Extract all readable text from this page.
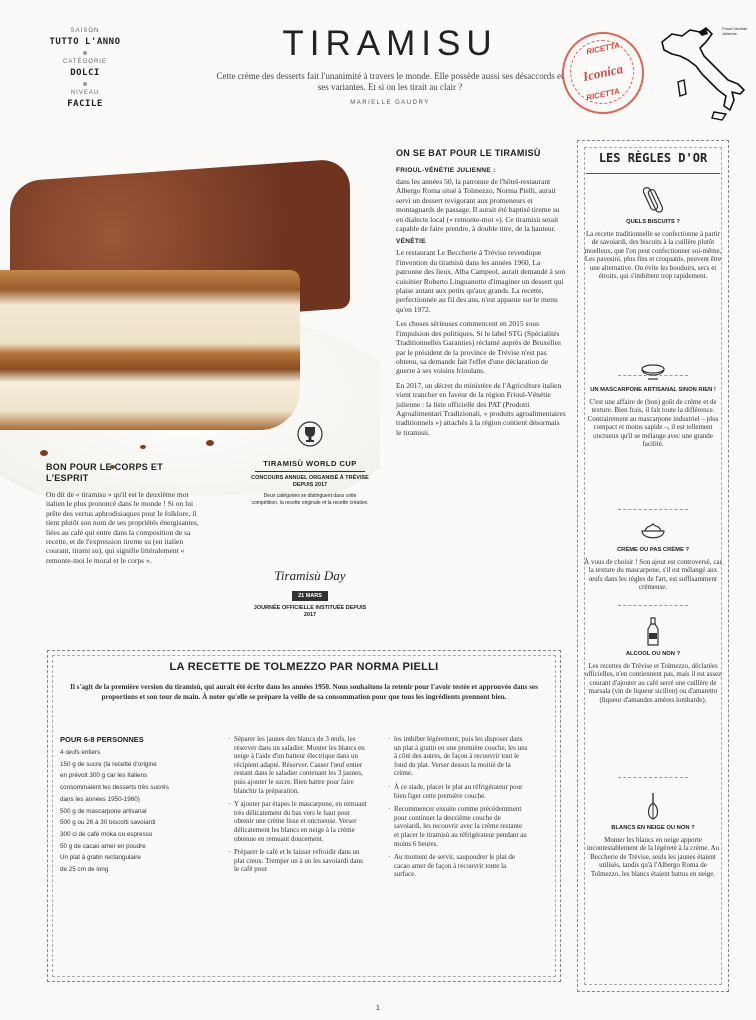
SAISON
TUTTO L'ANNO
CATÉGORIE
DOLCI
NIVEAU
FACILE
TIRAMISU
Cette crème des desserts fait l'unanimité à travers le monde. Elle possède aussi ses désaccords et ses variantes. Et si on les tirait au clair ?
MARIELLE GAUDRY
RICETTA
Iconica
RICETTA
Frioul-Vénétie Julienne
BON POUR LE CORPS ET L'ESPRIT
On dit de « tiramisu » qu'il est le deuxième mot italien le plus prononcé dans le monde ! Si on lui prête des vertus aphrodisiaques pour le folklore, il tient plutôt son nom de ses propriétés énergisantes, liées au café qui entre dans la composition de sa recette, et de l'expression tireme su (en italien courant, tirami su), qui signifie littéralement « remonte-moi le moral et le corps ».
TIRAMISÙ WORLD CUP
CONCOURS ANNUEL ORGANISÉ À TRÉVISE DEPUIS 2017
Deux catégories se distinguent dans cette compétition, la recette originale et la recette créative.
Tiramisù Day
21 MARS
JOURNÉE OFFICIELLE INSTITUÉE DEPUIS 2017
ON SE BAT POUR LE TIRAMISÙ
FRIOUL-VÉNÉTIE JULIENNE :

dans les années 50, la patronne de l'hôtel-restaurant Albergo Roma situé à Tolmezzo, Norma Pielli, aurait servi un dessert revigorant aux promeneurs et montagnards de passage. Il aurait été baptisé tireme su en dialecte local (« remonte-moi »). Ce tiramisù serait capable de faire prendre, à double titre, de la hauteur.

VÉNÉTIE

Le restaurant Le Beccherie à Trévise revendique l'invention du tiramisù dans les années 1960. La patronne des lieux, Alba Campeol, aurait demandé à son cuisinier Roberto Linguanotto d'imaginer un dessert qui plaise autant aux petits qu'aux grands. La recette, perfectionnée au fil des ans, n'est apparue sur le menu qu'en 1972.

Les choses sérieuses commencent en 2015 sous l'impulsion des politiques. Si le label STG (Spécialités Traditionnelles Garanties) réclamé auprès de Bruxelles par le président de la province de Trévise n'est pas obtenu, sa demande fait l'effet d'une déclaration de guerre à ses voisins frioulans.

En 2017, un décret du ministère de l'Agriculture italien vient trancher en faveur de la région Frioul-Vénétie julienne : la liste officielle des PAT (Prodotti Agroalimentari Tradizionali, « produits agroalimentaires traditionnels ») attachés à la région contient désormais le tiramisù.

LES RÈGLES D'OR
QUELS BISCUITS ?
La recette traditionnelle se confectionne à partir de savoiardi, des biscuits à la cuillère plutôt moelleux, que l'on peut confectionner soi-même. Les pavesini, plus fins et croquants, peuvent être une alternative. On évite les boudoirs, secs et étroits, qui s'imbibent trop rapidement.
UN MASCARPONE ARTISANAL SINON RIEN !
C'est une affaire de (bon) goût de crème et de texture. Bien frais, il fait toute la différence. Contrairement au mascarpone industriel – plus compact et moins sapide –, il est tellement onctueux qu'il se mélange avec une grande facilité.
CRÈME OU PAS CRÈME ?
À vous de choisir ! Son ajout est controversé, car la texture du mascarpone, s'il est mélangé aux œufs dans les règles de l'art, est suffisamment crémeuse.
ALCOOL OU NON ?
Les recettes de Trévise et Tolmezzo, déclarées officielles, n'en contiennent pas, mais il est assez courant d'ajouter au café serré une cuillère de marsala (vin de liqueur sicilien) ou d'amaretto (liqueur d'amandes amères lombarde).
BLANCS EN NEIGE OU NON ?
Monter les blancs en neige apporte incontestablement de la légèreté à la crème. Au Beccherie de Trévise, seuls les jaunes étaient utilisés, tandis qu'à l'Albergo Roma de Tolmezzo, les blancs étaient battus en neige.
LA RECETTE DE TOLMEZZO PAR NORMA PIELLI
Il s'agit de la première version du tiramisù, qui aurait été écrite dans les années 1950. Nous souhaitons la retenir pour l'avoir testée et approuvée dans ses proportions et son tour de main. À noter qu'elle se prépare la veille de sa consommation pour que tous les ingrédients prennent bien.
POUR 6-8 PERSONNES
4 œufs entiers
150 g de sucre (la recette d'origine
en prévoit 300 g car les Italiens
consommaient les desserts très sucrés
dans les années 1950-1960)
500 g de mascarpone artisanal
500 g ou 26 à 30 biscotti savoiardi
300 cl de café moka ou espresso
50 g de cacao amer en poudre
Un plat à gratin rectangulaire
de 25 cm de long
· Séparer les jaunes des blancs de 3 œufs, les réserver dans un saladier. Monter les blancs en neige à l'aide d'un batteur électrique dans un récipient adapté. Réserver. Casser l'œuf entier restant dans le saladier contenant les 3 jaunes, puis ajouter le sucre. Bien battre pour faire blanchir la préparation.
· Y ajouter par étapes le mascarpone, en remuant très délicatement du bas vers le haut pour obtenir une crème lisse et onctueuse. Verser délicatement les blancs en neige à la crème obtenue en remuant doucement.
· Préparer le café et le laisser refroidir dans un plat creux. Tremper un à un les savoiardi dans le café pour
· les imbiber légèrement, puis les disposer dans un plat à gratin en une première couche, les uns à côté des autres, de façon à recouvrir tout le fond du plat. Verser dessus la moitié de la crème.
· À ce stade, placer le plat au réfrigérateur pour bien figer cette première couche.
· Recommencer ensuite comme précédemment pour continuer la deuxième couche de savoiardi, les recouvrir avec la crème restante et placer le tiramisù au réfrigérateur pendant au moins 6 heures.
· Au moment de servir, saupoudrer le plat de cacao amer de façon à recouvrir toute la surface.
1
